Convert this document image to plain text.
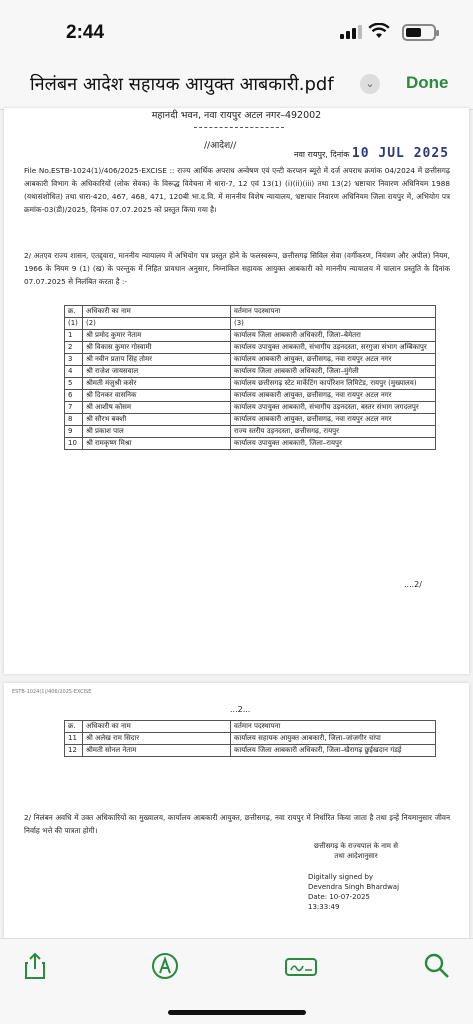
2:44
निलंबन आदेश सहायक आयुक्त आबकारी.pdf	⌄	Done
महानदी भवन, नवा रायपुर अटल नगर–492002
//आदेश//
नवा रायपुर, दिनांक 10 JUL 2025
File No.ESTB-1024(1)/406/2025-EXCISE :: राज्य आर्थिक अपराध अन्वेषण एवं एन्टी करप्शन ब्यूरो में दर्ज अपराध क्रमांक 04/2024 में छत्तीसगढ़ आबकारी विभाग के अधिकारियों (लोक सेवक) के विरूद्ध विवेचना में धारा-7, 12 एवं 13(1) (i)(ii)(iii) तथा 13(2) भ्रष्टाचार निवारण अधिनियम 1988 (यथासंशोधित) तथा धारा-420, 467, 468, 471, 120बी भा.द.वि. में माननीय विशेष न्यायालय, भ्रष्टाचार निवारण अधिनियम जिला रायपुर में, अभियोग पत्र क्रमांक-03(डी)/2025, दिनांक 07.07.2025 को प्रस्तुत किया गया है।
2/ अतएव राज्य शासन, एतद्द्वारा, माननीय न्यायालय में अभियोग पत्र प्रस्तुत होने के फलस्वरूप, छत्तीसगढ़ सिविल सेवा (वर्गीकरण, नियंत्रण और अपील) नियम, 1966 के नियम 9 (1) (ख) के परन्तुक में निहित प्रावधान अनुसार, निम्नांकित सहायक आयुक्त आबकारी को माननीय न्यायालय में चालान प्रस्तुति के दिनांक 07.07.2025 से निलंबित करता है :-
क्र.	अधिकारी का नाम	वर्तमान पदस्थापना
(1)	(2)	(3)
1	श्री प्रमोद कुमार नेताम	कार्यालय जिला आबकारी अधिकारी, जिला–बेमेतरा
2	श्री विकास कुमार गोस्वामी	कार्यालय उपायुक्त आबकारी, संभागीय उड़नदस्ता, सरगुजा संभाग अम्बिकापुर
3	श्री नवीन प्रताप सिंह तोमर	कार्यालय आबकारी आयुक्त, छत्तीसगढ़, नवा रायपुर अटल नगर
4	श्री राजेश जायसवाल	कार्यालय जिला आबकारी अधिकारी, जिला–मुंगेली
5	श्रीमती मंजुश्री कसेर	कार्यालय छत्तीसगढ़ स्टेट मार्केटिंग कार्पोरेशन लिमिटेड, रायपुर (मुख्यालय)
6	श्री दिनकर वासनिक	कार्यालय आबकारी आयुक्त, छत्तीसगढ़, नवा रायपुर अटल नगर
7	श्री आशीष कोसम	कार्यालय उपायुक्त आबकारी, संभागीय उड़नदस्ता, बस्तर संभाग जगदलपुर
8	श्री सौरभ बक्शी	कार्यालय आबकारी आयुक्त, छत्तीसगढ़, नवा रायपुर अटल नगर
9	श्री प्रकाश पाल	राज्य स्तरीय उड़नदस्ता, छत्तीसगढ़, रायपुर
10	श्री रामकृष्ण मिश्रा	कार्यालय उपायुक्त आबकारी, जिला–रायपुर
....2/
ESTB-1024(1)/406/2025-EXCISE
...2...
क्र.	अधिकारी का नाम	वर्तमान पदस्थापना
11	श्री अलेख राम सिदार	कार्यालय सहायक आयुक्त आबकारी, जिला–जांजगीर चांपा
12	श्रीमती सोनल नेताम	कार्यालय जिला आबकारी अधिकारी, जिला–खैरागढ़ छुईखदान गंडई
2/ निलंबन अवधि में उक्त अधिकारियों का मुख्यालय, कार्यालय आबकारी आयुक्त, छत्तीसगढ़, नवा रायपुर में निर्धारित किया जाता है तथा इन्हें नियमानुसार जीवन निर्वाह भत्ते की पात्रता होगी।
छत्तीसगढ़ के राज्यपाल के नाम से
तथा आदेशानुसार
Digitally signed by
Devendra Singh Bhardwaj
Date: 10-07-2025
13:33:49
